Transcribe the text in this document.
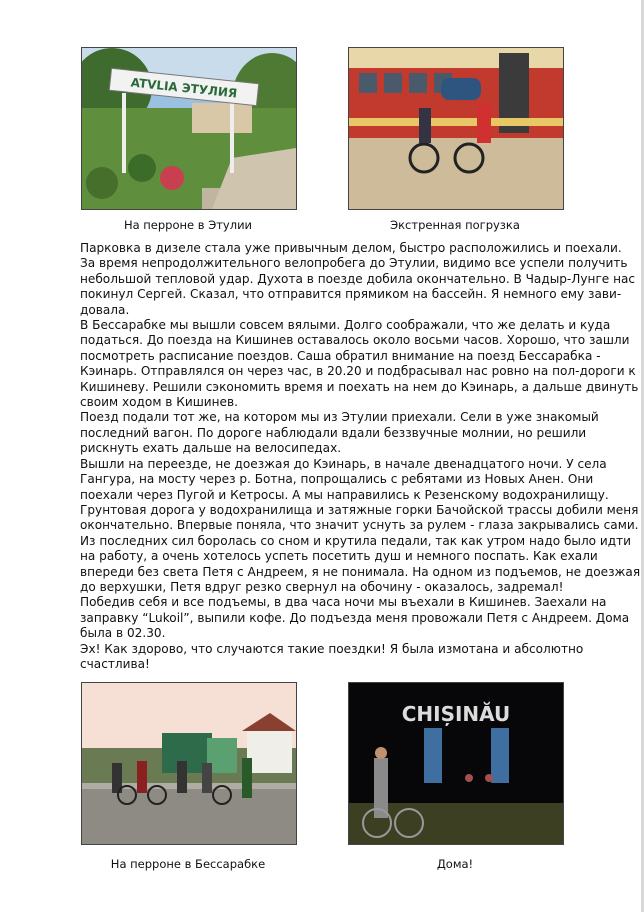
ATVLIA ЭТУЛИЯ
На перроне в Этулии	Экстренная погрузка

Парковка в дизеле стала уже привычным делом, быстро расположились и поехали.
За время непродолжительного велопробега до Этулии, видимо все успели получить
небольшой тепловой удар. Духота в поезде добила окончательно. В Чадыр-Лунге нас
покинул Сергей. Сказал, что отправится прямиком на бассейн. Я немного ему зави-
довала.

В Бессарабке мы вышли совсем вялыми. Долго соображали, что же делать и куда
податься. До поезда на Кишинев оставалось около восьми часов. Хорошо, что зашли
посмотреть расписание поездов. Саша обратил внимание на поезд Бессарабка -
Кэинарь. Отправлялся он через час, в 20.20 и подбрасывал нас ровно на пол-дороги к
Кишиневу. Решили сэкономить время и поехать на нем до Кэинарь, а дальше двинуть
своим ходом в Кишинев.

Поезд подали тот же, на котором мы из Этулии приехали. Сели в уже знакомый
последний вагон. По дороге наблюдали вдали беззвучные молнии, но решили
рискнуть ехать дальше на велосипедах.

Вышли на переезде, не доезжая до Кэинарь, в начале двенадцатого ночи. У села
Гангура, на мосту через р. Ботна, попрощались с ребятами из Новых Анен. Они
поехали через Пугой и Кетросы. А мы направились к Резенскому водохранилищу.
Грунтовая дорога у водохранилища и затяжные горки Бачойской трассы добили меня
окончательно. Впервые поняла, что значит уснуть за рулем - глаза закрывались сами.
Из последних сил боролась со сном и крутила педали, так как утром надо было идти
на работу, а очень хотелось успеть посетить душ и немного поспать. Как ехали
впереди без света Петя с Андреем, я не понимала. На одном из подъемов, не доезжая
до верхушки, Петя вдруг резко свернул на обочину - оказалось, задремал!

Победив себя и все подъемы, в два часа ночи мы въехали в Кишинев. Заехали на
заправку “Lukoil”, выпили кофе. До подъезда меня провожали Петя с Андреем. Дома
была в 02.30.

Эх! Как здорово, что случаются такие поездки! Я была измотана и абсолютно
счастлива!

На перроне в Бессарабке
CHIȘINĂU
Дома!
